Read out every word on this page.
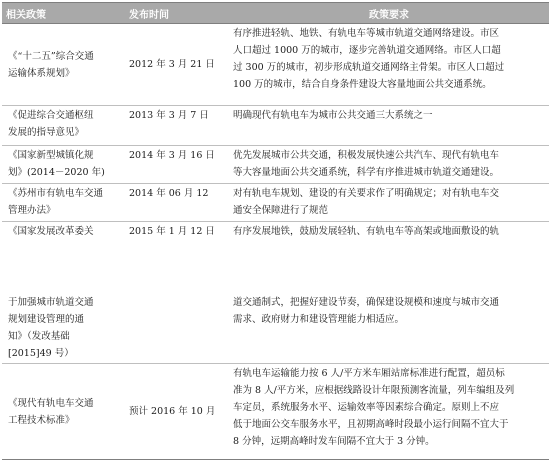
相关政策	发布时间	政策要求

《“十二五”综合交通
运输体系规划》	2012 年 3 月 21 日	有序推进轻轨、地铁、有轨电车等城市轨道交通网络建设。市区
人口超过 1000 万的城市，逐步完善轨道交通网络。市区人口超
过 300 万的城市，初步形成轨道交通网络主骨架。市区人口超过
100 万的城市，结合自身条件建设大容量地面公共交通系统。

《促进综合交通枢纽
发展的指导意见》	2013 年 3 月 7 日	明确现代有轨电车为城市公共交通三大系统之一

《国家新型城镇化规
划》(2014－2020 年)	2014 年 3 月 16 日	优先发展城市公共交通，积极发展快速公共汽车、现代有轨电车
等大容量地面公共交通系统，科学有序推进城市轨道交通建设。

《苏州市有轨电车交通
管理办法》	2014 年 06 月 12	对有轨电车规划、建设的有关要求作了明确规定；对有轨电车交
通安全保障进行了规范

《国家发展改革委关
于加强城市轨道交通
规划建设管理的通
知》（发改基础
[2015]49 号）	2015 年 1 月 12 日	有序发展地铁，鼓励发展轻轨、有轨电车等高架或地面敷设的轨
道交通制式，把握好建设节奏，确保建设规模和速度与城市交通
需求、政府财力和建设管理能力相适应。

《现代有轨电车交通
工程技术标准》	预计 2016 年 10 月	有轨电车运输能力按 6 人/平方米车厢站席标准进行配置，超员标
准为 8 人/平方米，应根据线路设计年限预测客流量，列车编组及列
车定员，系统服务水平、运输效率等因素综合确定。原则上不应
低于地面公交车服务水平，且初期高峰时段最小运行间隔不宜大于
8 分钟，远期高峰时发车间隔不宜大于 3 分钟。
